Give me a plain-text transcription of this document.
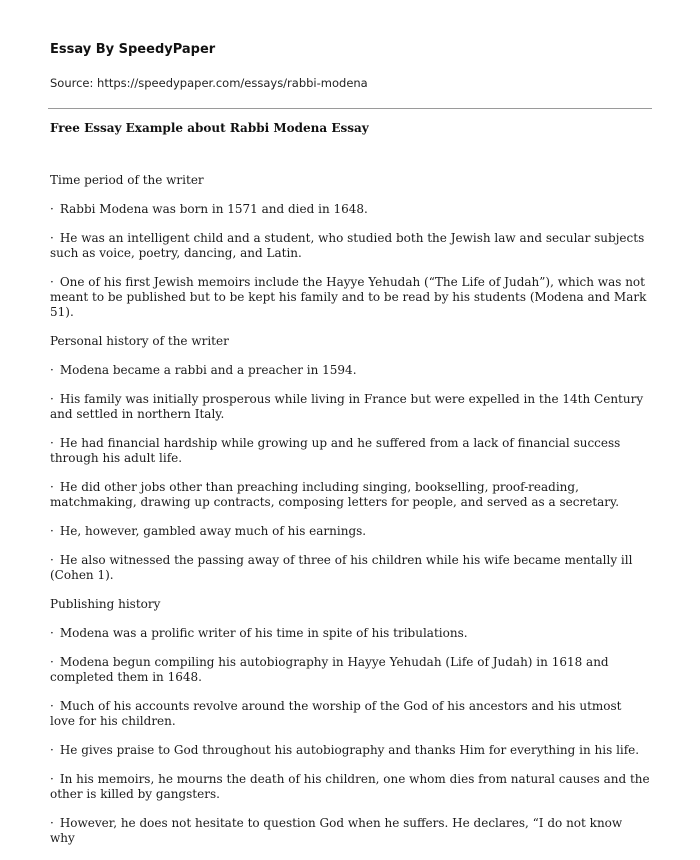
Essay By SpeedyPaper
Source: https://speedypaper.com/essays/rabbi-modena
Free Essay Example about Rabbi Modena Essay

Time period of the writer

· Rabbi Modena was born in 1571 and died in 1648.

· He was an intelligent child and a student, who studied both the Jewish law and secular subjects such as voice, poetry, dancing, and Latin.

· One of his first Jewish memoirs include the Hayye Yehudah (“The Life of Judah”), which was not meant to be published but to be kept his family and to be read by his students (Modena and Mark 51).

Personal history of the writer

· Modena became a rabbi and a preacher in 1594.

· His family was initially prosperous while living in France but were expelled in the 14th Century and settled in northern Italy.

· He had financial hardship while growing up and he suffered from a lack of financial success through his adult life.

· He did other jobs other than preaching including singing, bookselling, proof-reading, matchmaking, drawing up contracts, composing letters for people, and served as a secretary.

· He, however, gambled away much of his earnings.

· He also witnessed the passing away of three of his children while his wife became mentally ill (Cohen 1).

Publishing history

· Modena was a prolific writer of his time in spite of his tribulations.

· Modena begun compiling his autobiography in Hayye Yehudah (Life of Judah) in 1618 and completed them in 1648.

· Much of his accounts revolve around the worship of the God of his ancestors and his utmost love for his children.

· He gives praise to God throughout his autobiography and thanks Him for everything in his life.

· In his memoirs, he mourns the death of his children, one whom dies from natural causes and the other is killed by gangsters.

· However, he does not hesitate to question God when he suffers. He declares, “I do not know why
